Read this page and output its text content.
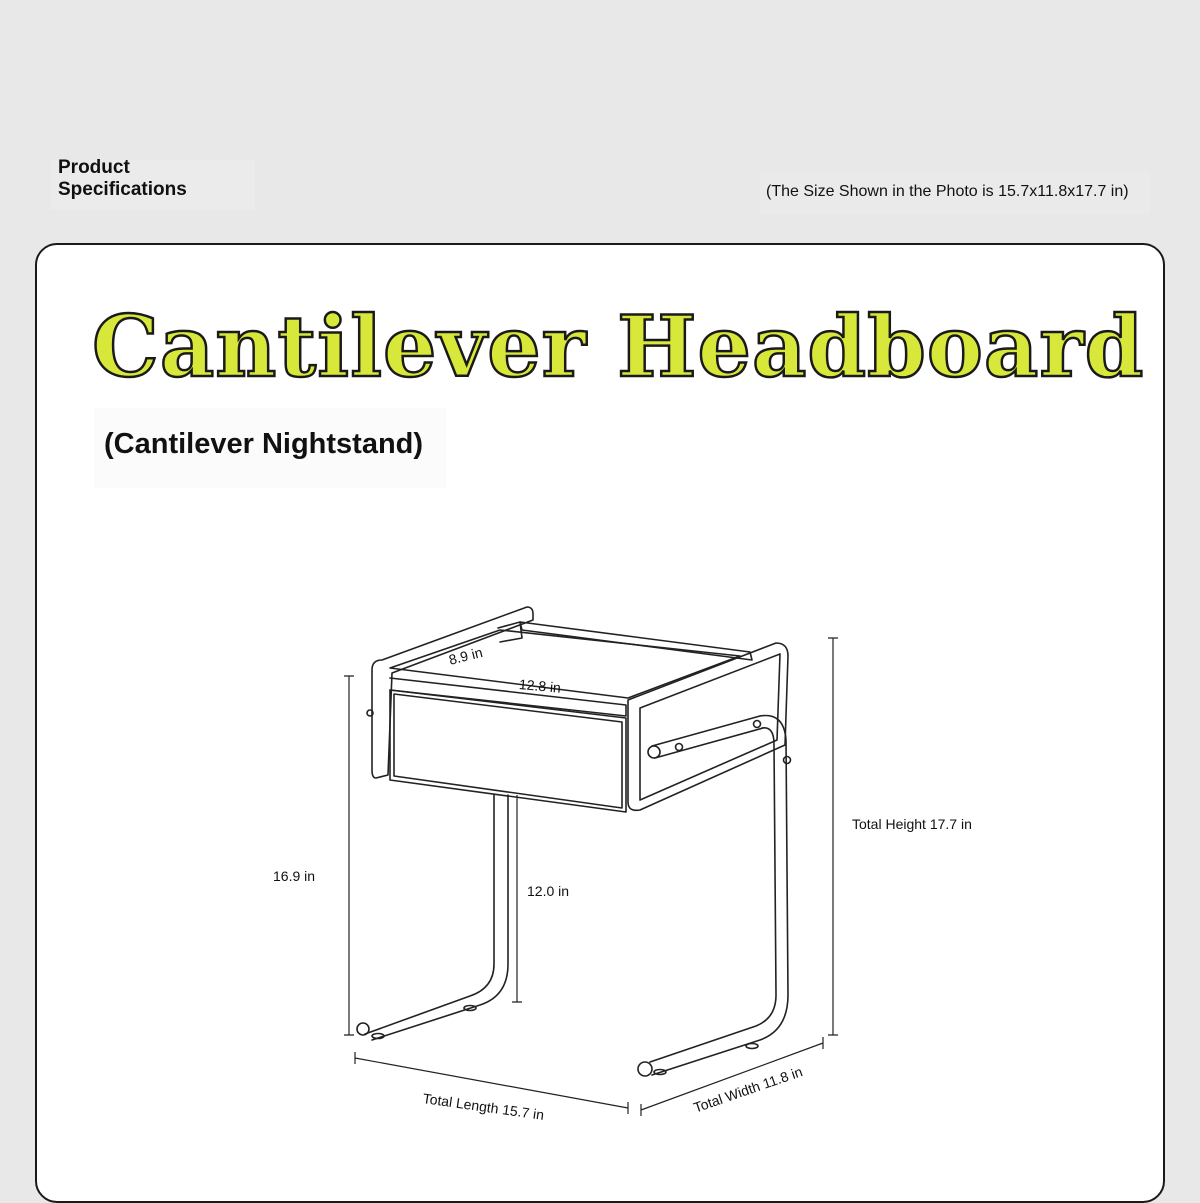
Product Specifications	(The Size Shown in the Photo is 15.7x11.8x17.7 in)
Cantilever Headboard
(Cantilever Nightstand)
8.9 in
12.8 in
16.9 in
12.0 in
Total Height 17.7 in
Total Length 15.7 in	Total Width 11.8 in
